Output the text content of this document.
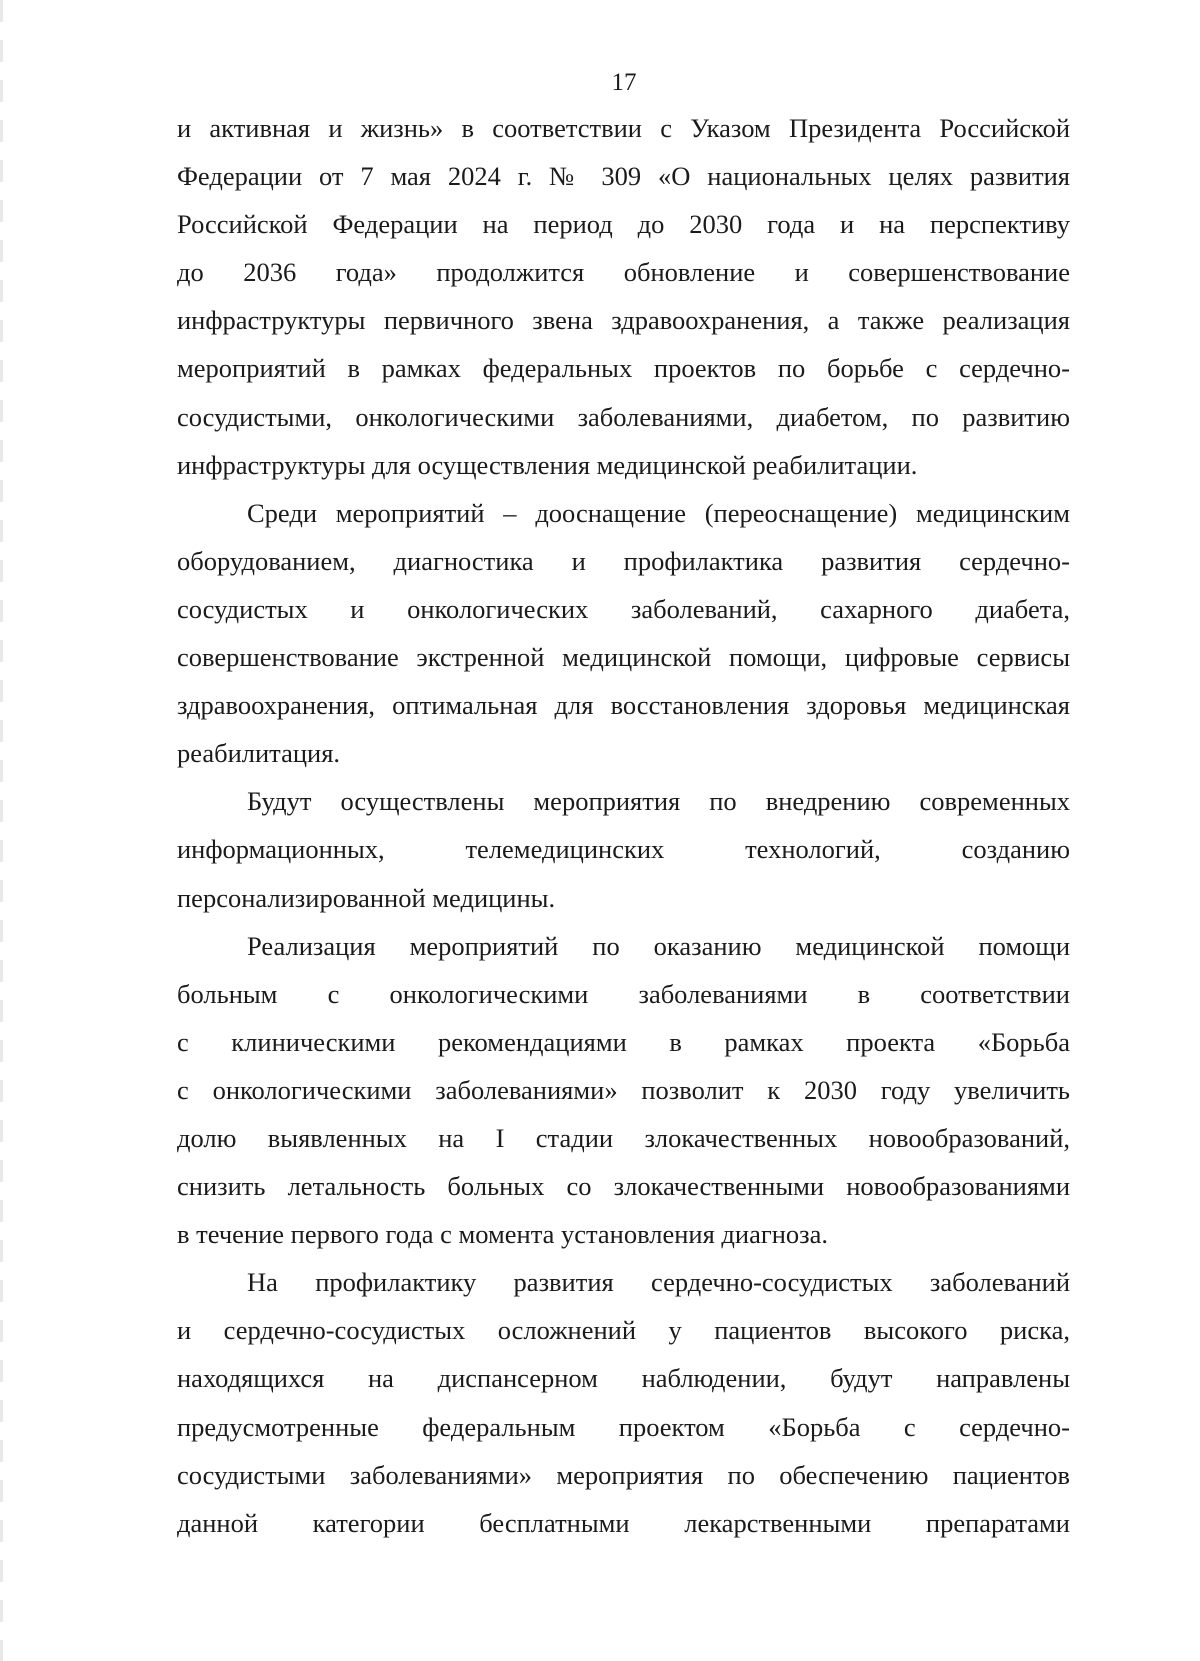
17
и активная и жизнь» в соответствии с Указом Президента Российской
Федерации от 7 мая 2024 г. № 309 «О национальных целях развития
Российской Федерации на период до 2030 года и на перспективу
до 2036 года» продолжится обновление и совершенствование
инфраструктуры первичного звена здравоохранения, а также реализация
мероприятий в рамках федеральных проектов по борьбе с сердечно-
сосудистыми, онкологическими заболеваниями, диабетом, по развитию
инфраструктуры для осуществления медицинской реабилитации.
Среди мероприятий – дооснащение (переоснащение) медицинским
оборудованием, диагностика и профилактика развития сердечно-
сосудистых и онкологических заболеваний, сахарного диабета,
совершенствование экстренной медицинской помощи, цифровые сервисы
здравоохранения, оптимальная для восстановления здоровья медицинская
реабилитация.
Будут осуществлены мероприятия по внедрению современных
информационных, телемедицинских технологий, созданию
персонализированной медицины.
Реализация мероприятий по оказанию медицинской помощи
больным с онкологическими заболеваниями в соответствии
с клиническими рекомендациями в рамках проекта «Борьба
с онкологическими заболеваниями» позволит к 2030 году увеличить
долю выявленных на I стадии злокачественных новообразований,
снизить летальность больных со злокачественными новообразованиями
в течение первого года с момента установления диагноза.
На профилактику развития сердечно-сосудистых заболеваний
и сердечно-сосудистых осложнений у пациентов высокого риска,
находящихся на диспансерном наблюдении, будут направлены
предусмотренные федеральным проектом «Борьба с сердечно-
сосудистыми заболеваниями» мероприятия по обеспечению пациентов
данной категории бесплатными лекарственными препаратами
